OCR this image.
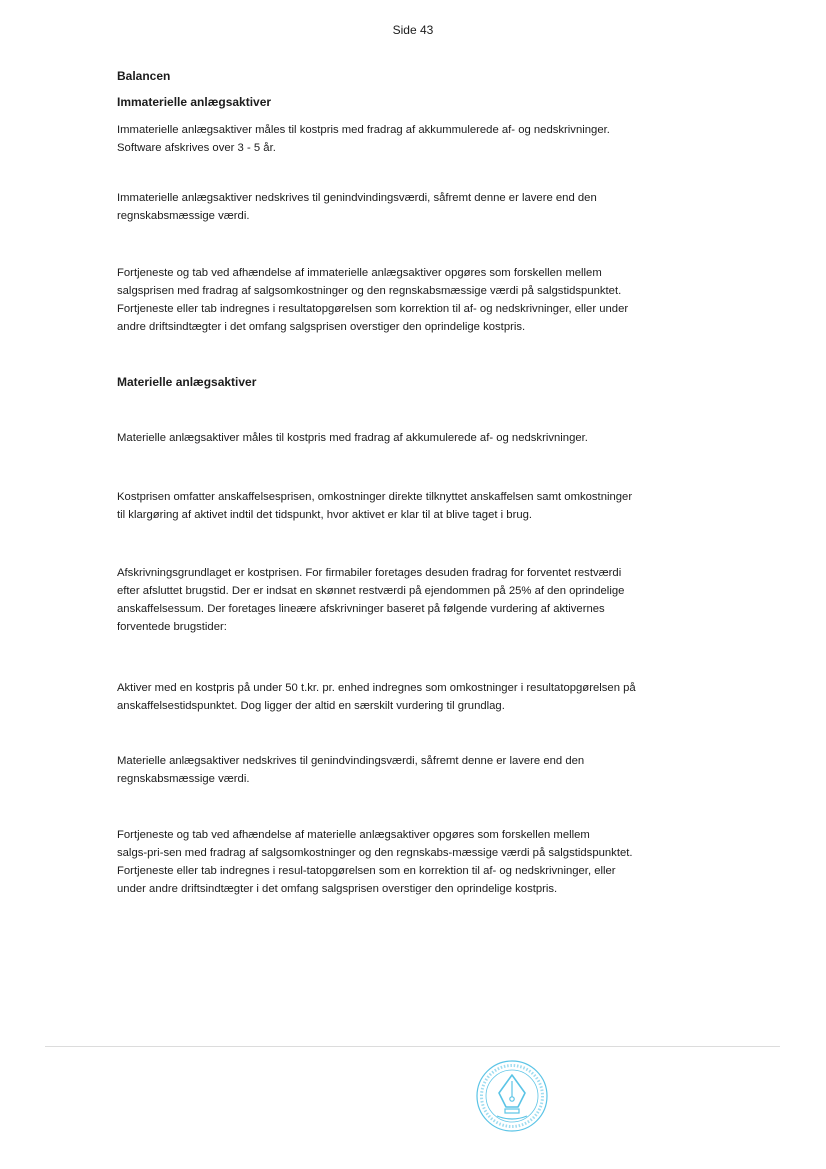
Side 43
Balancen
Immaterielle anlægsaktiver
Immaterielle anlægsaktiver måles til kostpris med fradrag af akkummulerede af- og nedskrivninger.
Software afskrives over 3 - 5 år.
Immaterielle anlægsaktiver nedskrives til genindvindingsværdi, såfremt denne er lavere end den
regnskabsmæssige værdi.
Fortjeneste og tab ved afhændelse af immaterielle anlægsaktiver opgøres som forskellen mellem
salgsprisen med fradrag af salgsomkostninger og den regnskabsmæssige værdi på salgstidspunktet.
Fortjeneste eller tab indregnes i resultatopgørelsen som korrektion til af- og nedskrivninger, eller under
andre driftsindtægter i det omfang salgsprisen overstiger den oprindelige kostpris.
Materielle anlægsaktiver
Materielle anlægsaktiver måles til kostpris med fradrag af akkumulerede af- og nedskrivninger.
Kostprisen omfatter anskaffelsesprisen, omkostninger direkte tilknyttet anskaffelsen samt omkostninger
til klargøring af aktivet indtil det tidspunkt, hvor aktivet er klar til at blive taget i brug.
Afskrivningsgrundlaget er kostprisen. For firmabiler foretages desuden fradrag for forventet restværdi
efter afsluttet brugstid. Der er indsat en skønnet restværdi på ejendommen på 25% af den oprindelige
anskaffelsessum. Der foretages lineære afskrivninger baseret på følgende vurdering af aktivernes
forventede brugstider:
Aktiver med en kostpris på under 50 t.kr. pr. enhed indregnes som omkostninger i resultatopgørelsen på
anskaffelsestidspunktet. Dog ligger der altid en særskilt vurdering til grundlag.
Materielle anlægsaktiver nedskrives til genindvindingsværdi, såfremt denne er lavere end den
regnskabsmæssige værdi.
Fortjeneste og tab ved afhændelse af materielle anlægsaktiver opgøres som forskellen mellem
salgs-pri-sen med fradrag af salgsomkostninger og den regnskabs-mæssige værdi på salgstidspunktet.
Fortjeneste eller tab indregnes i resul-tatopgørelsen som en korrektion til af- og nedskrivninger, eller
under andre driftsindtægter i det omfang salgsprisen overstiger den oprindelige kostpris.
